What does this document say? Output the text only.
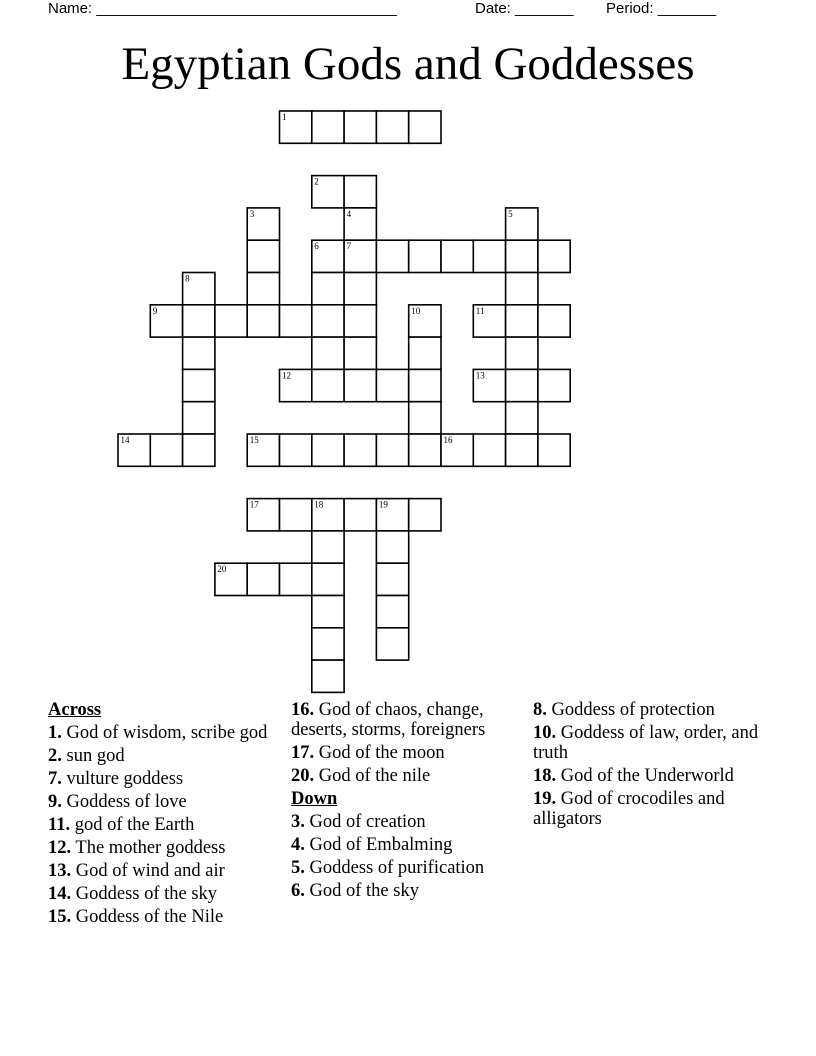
Name: ____________________________________	Date: _______ Period: _______
Egyptian Gods and Goddesses
1
2
3	4	5
6	7
8
9	10	11
12	13
14	15	16
17	18	19
20
Across
1. God of wisdom, scribe god
2. sun god
7. vulture goddess
9. Goddess of love
11. god of the Earth
12. The mother goddess
13. God of wind and air
14. Goddess of the sky
15. Goddess of the Nile
16. God of chaos, change, deserts, storms, foreigners
17. God of the moon
20. God of the nile
Down
3. God of creation
4. God of Embalming
5. Goddess of purification
6. God of the sky
8. Goddess of protection
10. Goddess of law, order, and truth
18. God of the Underworld
19. God of crocodiles and alligators
